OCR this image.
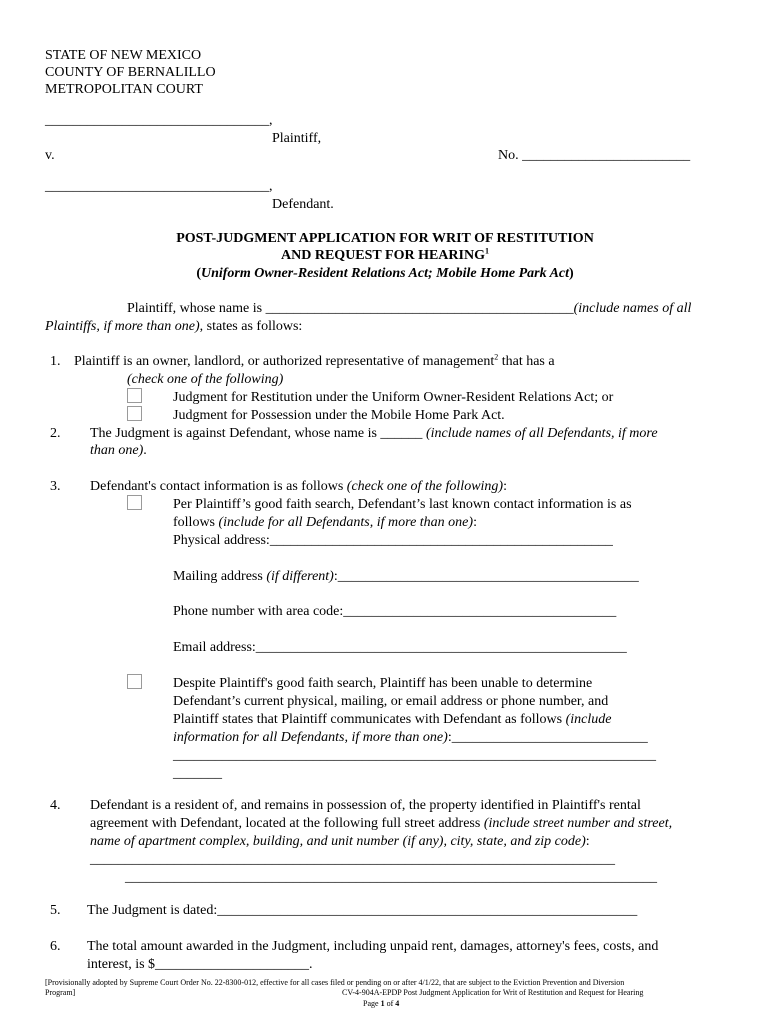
STATE OF NEW MEXICO
COUNTY OF BERNALILLO
METROPOLITAN COURT
________________________________,
Plaintiff,
v.	No. ________________________
________________________________,
Defendant.
POST-JUDGMENT APPLICATION FOR WRIT OF RESTITUTION
AND REQUEST FOR HEARING$^1$
(Uniform Owner-Resident Relations Act; Mobile Home Park Act)
Plaintiff, whose name is ____________________________________________(include names of all
Plaintiffs, if more than one), states as follows:
1. Plaintiff is an owner, landlord, or authorized representative of management$^2$ that has a
(check one of the following)
Judgment for Restitution under the Uniform Owner-Resident Relations Act; or
Judgment for Possession under the Mobile Home Park Act.
2. The Judgment is against Defendant, whose name is ______ (include names of all Defendants, if more
than one).
3. Defendant's contact information is as follows (check one of the following):
Per Plaintiff’s good faith search, Defendant’s last known contact information is as
follows (include for all Defendants, if more than one):
Physical address:_________________________________________________
Mailing address (if different):___________________________________________
Phone number with area code:_______________________________________
Email address:_____________________________________________________
Despite Plaintiff's good faith search, Plaintiff has been unable to determine
Defendant’s current physical, mailing, or email address or phone number, and
Plaintiff states that Plaintiff communicates with Defendant as follows (include
information for all Defendants, if more than one):____________________________
_____________________________________________________________________
_______
4. Defendant is a resident of, and remains in possession of, the property identified in Plaintiff's rental
agreement with Defendant, located at the following full street address (include street number and street,
name of apartment complex, building, and unit number (if any), city, state, and zip code):
___________________________________________________________________________
____________________________________________________________________________
5. The Judgment is dated:____________________________________________________________
6. The total amount awarded in the Judgment, including unpaid rent, damages, attorney's fees, costs, and
interest, is $______________________.
[Provisionally adopted by Supreme Court Order No. 22-8300-012, effective for all cases filed or pending on or after 4/1/22, that are subject to the Eviction Prevention and Diversion
Program]	CV-4-904A-EPDP Post Judgment Application for Writ of Restitution and Request for Hearing
Page 1 of 4
